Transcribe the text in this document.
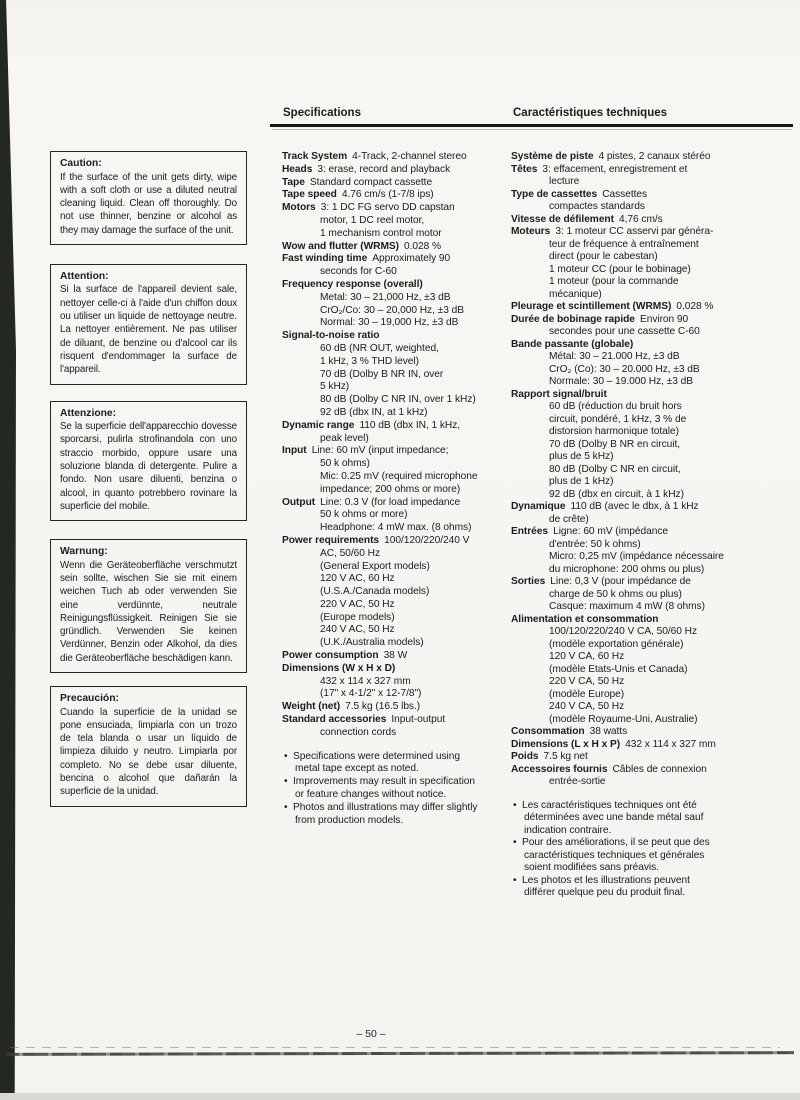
Specifications	Caractéristiques techniques
Caution:
If the surface of the unit gets dirty, wipe with a soft cloth or use a diluted neutral cleaning liquid. Clean off thoroughly. Do not use thinner, benzine or alcohol as they may damage the surface of the unit.
Attention:
Si la surface de l'appareil devient sale, nettoyer celle-ci à l'aide d'un chiffon doux ou utiliser un liquide de nettoyage neutre. La nettoyer entièrement. Ne pas utiliser de diluant, de benzine ou d'alcool car ils risquent d'endommager la surface de l'appareil.
Attenzione:
Se la superficie dell'apparecchio dovesse sporcarsi, pulirla strofinandola con uno straccio morbido, oppure usare una soluzione blanda di detergente. Pulire a fondo. Non usare diluenti, benzina o alcool, in quanto potrebbero rovinare la superficie del mobile.
Warnung:
Wenn die Geräteoberfläche verschmutzt sein sollte, wischen Sie sie mit einem weichen Tuch ab oder verwenden Sie eine verdünnte, neutrale Reinigungsflüssigkeit. Reinigen Sie sie gründlich. Verwenden Sie keinen Verdünner, Benzin oder Alkohol, da dies die Geräteoberfläche beschädigen kann.
Precaución:
Cuando la superficie de la unidad se pone ensuciada, limpiarla con un trozo de tela blanda o usar un líquido de limpieza diluido y neutro. Limpiarla por completo. No se debe usar diluente, bencina o alcohol que dañarán la superficie de la unidad.
Track System  4-Track, 2-channel stereo
Heads  3: erase, record and playback
Tape  Standard compact cassette
Tape speed  4.76 cm/s (1-7/8 ips)
Motors  3: 1 DC FG servo DD capstan
motor, 1 DC reel motor,
1 mechanism control motor
Wow and flutter (WRMS)  0.028 %
Fast winding time  Approximately 90
seconds for C-60
Frequency response (overall)
Metal: 30 – 21,000 Hz, ±3 dB
CrO₂/Co: 30 – 20,000 Hz, ±3 dB
Normal: 30 – 19,000 Hz, ±3 dB
Signal-to-noise ratio
60 dB (NR OUT, weighted,
1 kHz, 3 % THD level)
70 dB (Dolby B NR IN, over
5 kHz)
80 dB (Dolby C NR IN, over 1 kHz)
92 dB (dbx IN, at 1 kHz)
Dynamic range  110 dB (dbx IN, 1 kHz,
peak level)
Input  Line: 60 mV (input impedance;
50 k ohms)
Mic: 0.25 mV (required microphone
impedance; 200 ohms or more)
Output  Line: 0.3 V (for load impedance
50 k ohms or more)
Headphone: 4 mW max. (8 ohms)
Power requirements  100/120/220/240 V
AC, 50/60 Hz
(General Export models)
120 V AC, 60 Hz
(U.S.A./Canada models)
220 V AC, 50 Hz
(Europe models)
240 V AC, 50 Hz
(U.K./Australia models)
Power consumption  38 W
Dimensions (W x H x D)
432 x 114 x 327 mm
(17" x 4-1/2" x 12-7/8")
Weight (net)  7.5 kg (16.5 lbs.)
Standard accessories  Input-output
connection cords
• Specifications were determined using
metal tape except as noted.
• Improvements may result in specification
or feature changes without notice.
• Photos and illustrations may differ slightly
from production models.
Système de piste  4 pistes, 2 canaux stéréo
Têtes  3: effacement, enregistrement et
lecture
Type de cassettes  Cassettes
compactes standards
Vitesse de défilement  4,76 cm/s
Moteurs  3: 1 moteur CC asservi par généra-
teur de fréquence à entraînement
direct (pour le cabestan)
1 moteur CC (pour le bobinage)
1 moteur (pour la commande
mécanique)
Pleurage et scintillement (WRMS)  0,028 %
Durée de bobinage rapide  Environ 90
secondes pour une cassette C-60
Bande passante (globale)
Métal: 30 – 21.000 Hz, ±3 dB
CrO₂ (Co): 30 – 20.000 Hz, ±3 dB
Normale: 30 – 19.000 Hz, ±3 dB
Rapport signal/bruit
60 dB (réduction du bruit hors
circuit, pondéré, 1 kHz, 3 % de
distorsion harmonique totale)
70 dB (Dolby B NR en circuit,
plus de 5 kHz)
80 dB (Dolby C NR en circuit,
plus de 1 kHz)
92 dB (dbx en circuit, à 1 kHz)
Dynamique  110 dB (avec le dbx, à 1 kHz
de crête)
Entrées  Ligne: 60 mV (impédance
d'entrée: 50 k ohms)
Micro: 0,25 mV (impédance nécessaire
du microphone: 200 ohms ou plus)
Sorties  Line: 0,3 V (pour impédance de
charge de 50 k ohms ou plus)
Casque: maximum 4 mW (8 ohms)
Alimentation et consommation
100/120/220/240 V CA, 50/60 Hz
(modèle exportation générale)
120 V CA, 60 Hz
(modèle Etats-Unis et Canada)
220 V CA, 50 Hz
(modèle Europe)
240 V CA, 50 Hz
(modèle Royaume-Uni, Australie)
Consommation  38 watts
Dimensions (L x H x P)  432 x 114 x 327 mm
Poids  7.5 kg net
Accessoires fournis  Câbles de connexion
entrée-sortie
• Les caractéristiques techniques ont été
déterminées avec une bande métal sauf
indication contraire.
• Pour des améliorations, il se peut que des
caractéristiques techniques et générales
soient modifiées sans préavis.
• Les photos et les illustrations peuvent
différer quelque peu du produit final.
– 50 –
